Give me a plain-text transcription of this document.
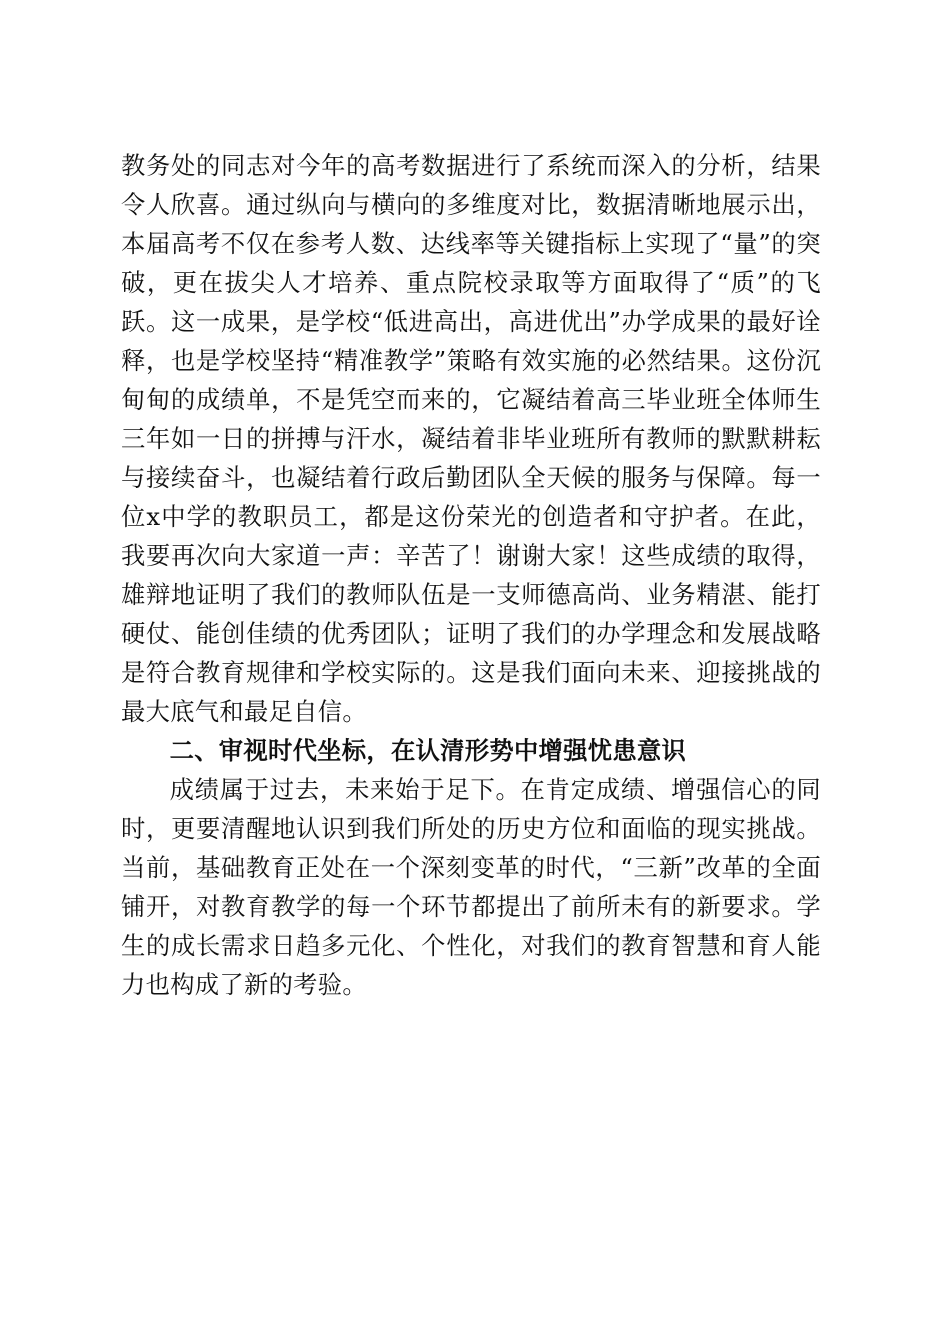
教务处的同志对今年的高考数据进行了系统而深入的分析，结果令人欣喜。通过纵向与横向的多维度对比，数据清晰地展示出，本届高考不仅在参考人数、达线率等关键指标上实现了“量”的突破，更在拔尖人才培养、重点院校录取等方面取得了“质”的飞跃。这一成果，是学校“低进高出，高进优出”办学成果的最好诠释，也是学校坚持“精准教学”策略有效实施的必然结果。这份沉甸甸的成绩单，不是凭空而来的，它凝结着高三毕业班全体师生三年如一日的拼搏与汗水，凝结着非毕业班所有教师的默默耕耘与接续奋斗，也凝结着行政后勤团队全天候的服务与保障。每一位x中学的教职员工，都是这份荣光的创造者和守护者。在此，我要再次向大家道一声：辛苦了！谢谢大家！这些成绩的取得，雄辩地证明了我们的教师队伍是一支师德高尚、业务精湛、能打硬仗、能创佳绩的优秀团队；证明了我们的办学理念和发展战略是符合教育规律和学校实际的。这是我们面向未来、迎接挑战的最大底气和最足自信。

二、审视时代坐标，在认清形势中增强忧患意识

成绩属于过去，未来始于足下。在肯定成绩、增强信心的同时，更要清醒地认识到我们所处的历史方位和面临的现实挑战。当前，基础教育正处在一个深刻变革的时代，“三新”改革的全面铺开，对教育教学的每一个环节都提出了前所未有的新要求。学生的成长需求日趋多元化、个性化，对我们的教育智慧和育人能力也构成了新的考验。
